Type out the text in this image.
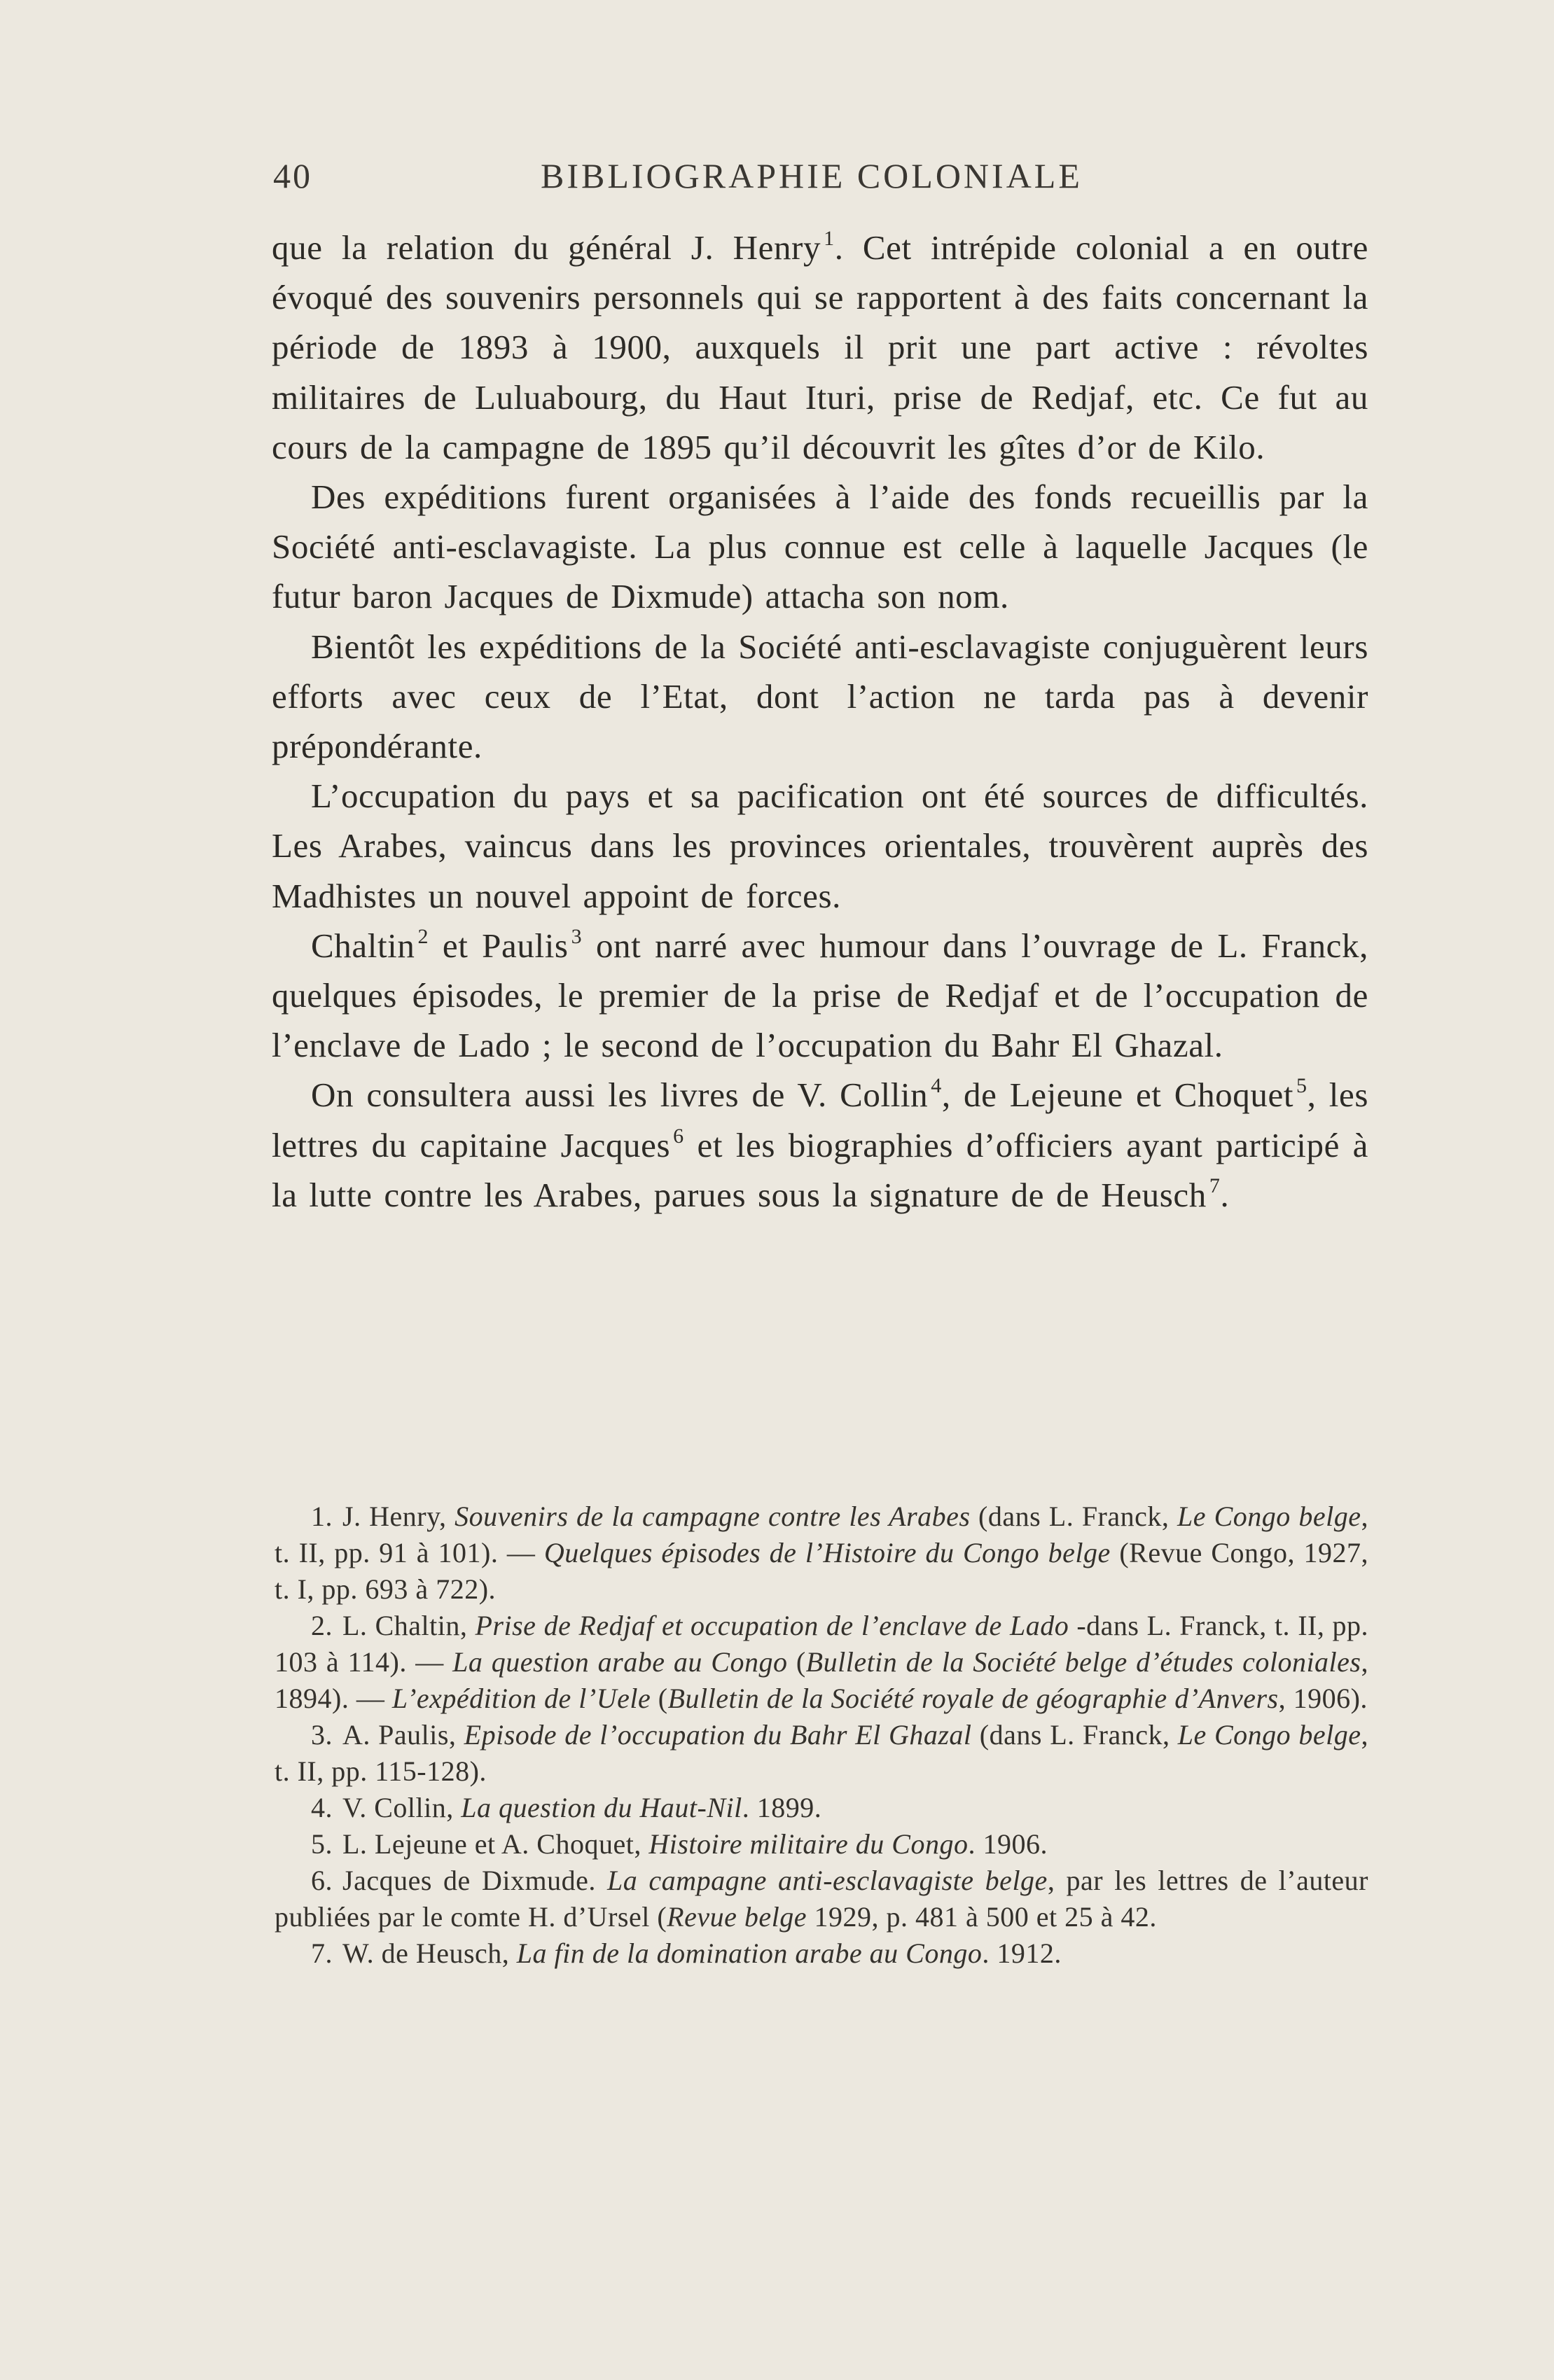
40	BIBLIOGRAPHIE COLONIALE

que la relation du général J. Henry $^1$. Cet intrépide colonial a en outre évoqué des souvenirs personnels qui se rapportent à des faits concernant la période de 1893 à 1900, auxquels il prit une part active : révoltes militaires de Luluabourg, du Haut Ituri, prise de Redjaf, etc. Ce fut au cours de la campagne de 1895 qu’il découvrit les gîtes d’or de Kilo.

Des expéditions furent organisées à l’aide des fonds recueillis par la Société anti-esclavagiste. La plus connue est celle à laquelle Jacques (le futur baron Jacques de Dixmude) attacha son nom.

Bientôt les expéditions de la Société anti-esclavagiste conjuguèrent leurs efforts avec ceux de l’Etat, dont l’action ne tarda pas à devenir prépondérante.

L’occupation du pays et sa pacification ont été sources de difficultés. Les Arabes, vaincus dans les provinces orientales, trouvèrent auprès des Madhistes un nouvel appoint de forces.

Chaltin $^2$ et Paulis $^3$ ont narré avec humour dans l’ouvrage de L. Franck, quelques épisodes, le premier de la prise de Redjaf et de l’occupation de l’enclave de Lado ; le second de l’occupation du Bahr El Ghazal.

On consultera aussi les livres de V. Collin $^4$, de Lejeune et Choquet $^5$, les lettres du capitaine Jacques $^6$ et les biographies d’officiers ayant participé à la lutte contre les Arabes, parues sous la signature de de Heusch $^7$.

1. J. Henry, Souvenirs de la campagne contre les Arabes (dans L. Franck, Le Congo belge, t. II, pp. 91 à 101). — Quelques épisodes de l’Histoire du Congo belge (Revue Congo, 1927, t. I, pp. 693 à 722).

2. L. Chaltin, Prise de Redjaf et occupation de l’enclave de Lado -dans L. Franck, t. II, pp. 103 à 114). — La question arabe au Congo (Bulletin de la Société belge d’études coloniales, 1894). — L’expédition de l’Uele (Bulletin de la Société royale de géographie d’Anvers, 1906).

3. A. Paulis, Episode de l’occupation du Bahr El Ghazal (dans L. Franck, Le Congo belge, t. II, pp. 115-128).

4. V. Collin, La question du Haut-Nil. 1899.

5. L. Lejeune et A. Choquet, Histoire militaire du Congo. 1906.

6. Jacques de Dixmude. La campagne anti-esclavagiste belge, par les lettres de l’auteur publiées par le comte H. d’Ursel (Revue belge 1929, p. 481 à 500 et 25 à 42.

7. W. de Heusch, La fin de la domination arabe au Congo. 1912.
